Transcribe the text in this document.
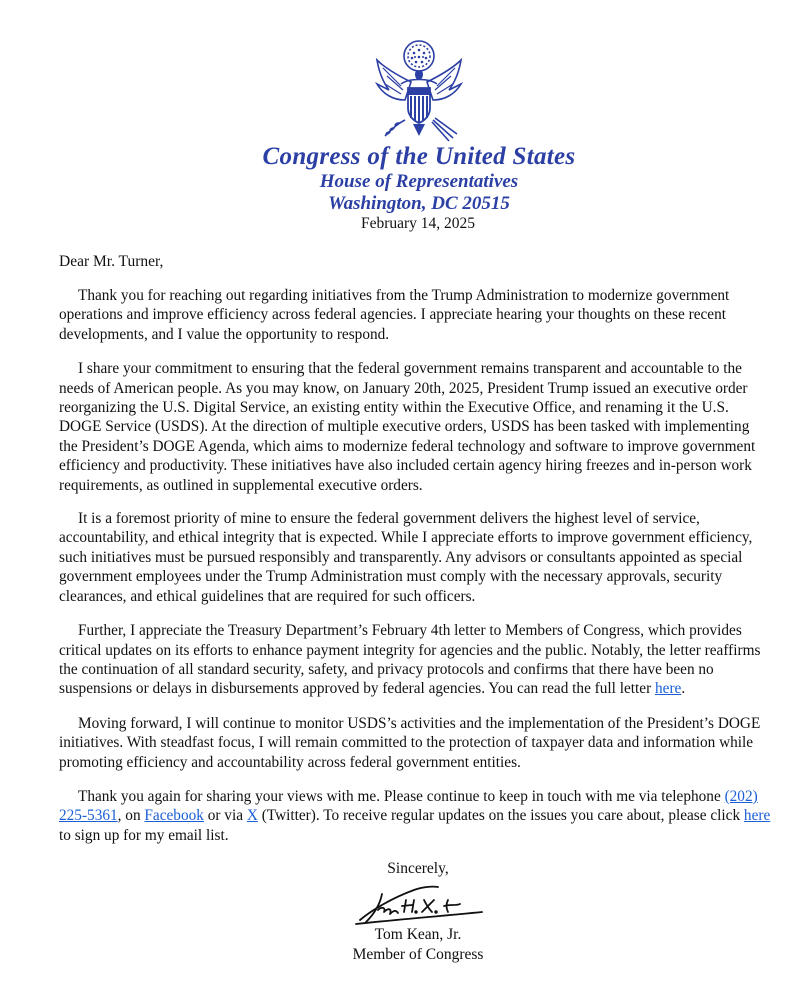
Congress of the United States
House of Representatives
Washington, DC 20515
February 14, 2025
Dear Mr. Turner,

Thank you for reaching out regarding initiatives from the Trump Administration to modernize government operations and improve efficiency across federal agencies. I appreciate hearing your thoughts on these recent developments, and I value the opportunity to respond.

I share your commitment to ensuring that the federal government remains transparent and accountable to the needs of American people. As you may know, on January 20th, 2025, President Trump issued an executive order reorganizing the U.S. Digital Service, an existing entity within the Executive Office, and renaming it the U.S. DOGE Service (USDS). At the direction of multiple executive orders, USDS has been tasked with implementing the President’s DOGE Agenda, which aims to modernize federal technology and software to improve government efficiency and productivity. These initiatives have also included certain agency hiring freezes and in-person work requirements, as outlined in supplemental executive orders.

It is a foremost priority of mine to ensure the federal government delivers the highest level of service, accountability, and ethical integrity that is expected. While I appreciate efforts to improve government efficiency, such initiatives must be pursued responsibly and transparently. Any advisors or consultants appointed as special government employees under the Trump Administration must comply with the necessary approvals, security clearances, and ethical guidelines that are required for such officers.

Further, I appreciate the Treasury Department’s February 4th letter to Members of Congress, which provides critical updates on its efforts to enhance payment integrity for agencies and the public. Notably, the letter reaffirms the continuation of all standard security, safety, and privacy protocols and confirms that there have been no suspensions or delays in disbursements approved by federal agencies. You can read the full letter here.

Moving forward, I will continue to monitor USDS’s activities and the implementation of the President’s DOGE initiatives. With steadfast focus, I will remain committed to the protection of taxpayer data and information while promoting efficiency and accountability across federal government entities.

Thank you again for sharing your views with me. Please continue to keep in touch with me via telephone (202) 225-5361, on Facebook or via X (Twitter). To receive regular updates on the issues you care about, please click here to sign up for my email list.

Sincerely,
Tom Kean, Jr.
Member of Congress
